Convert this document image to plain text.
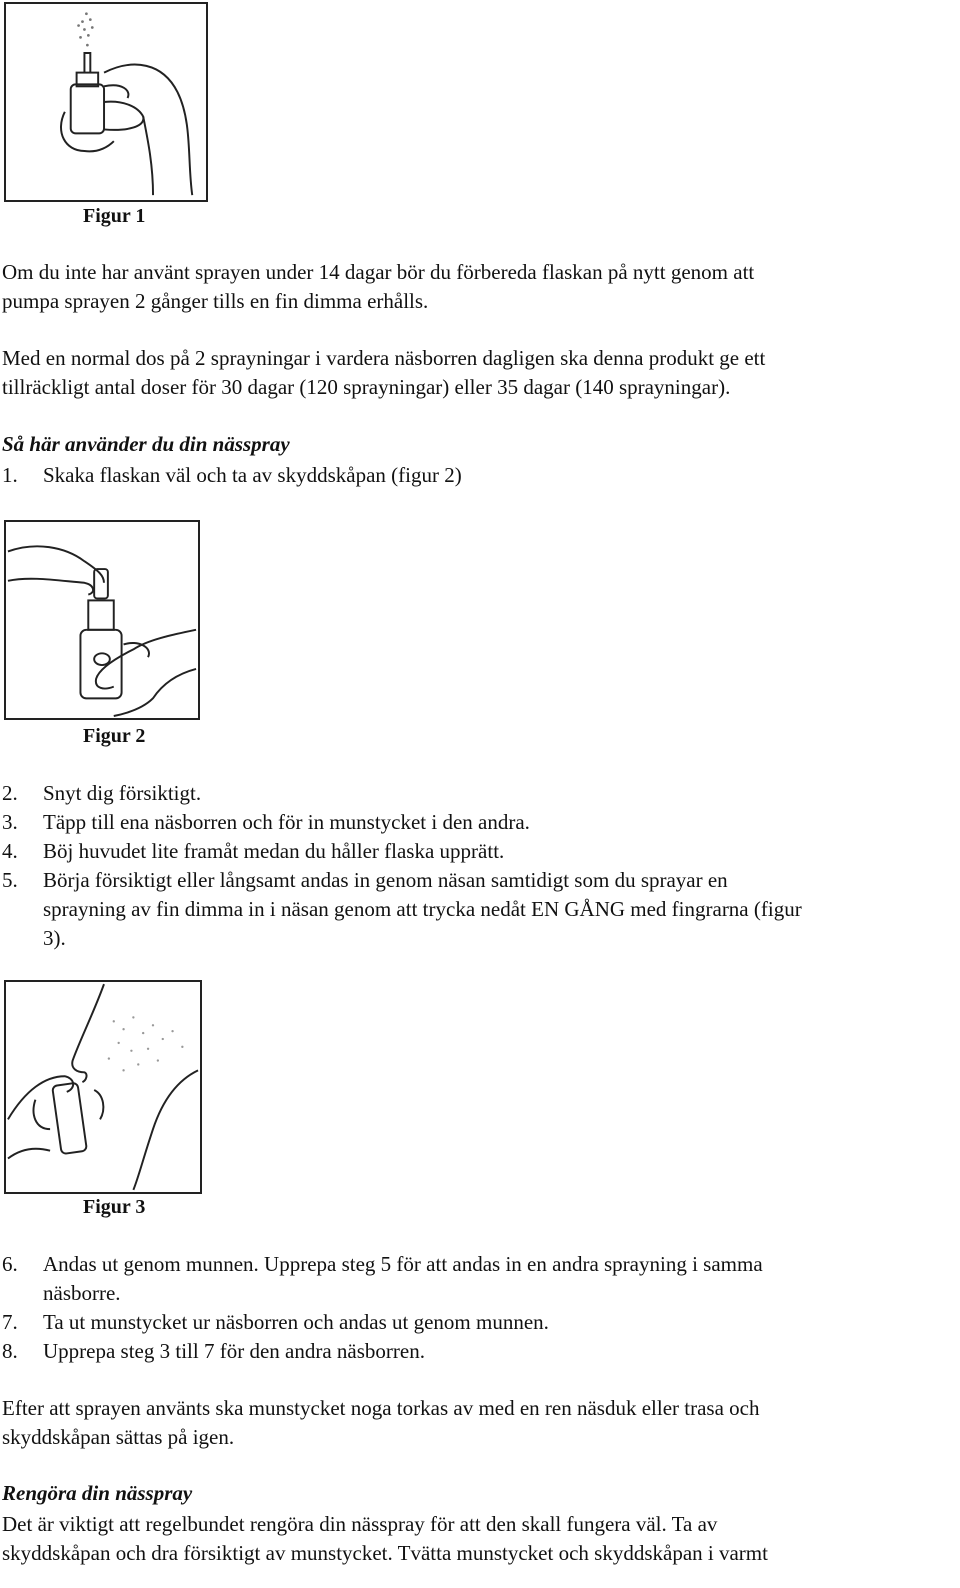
Figur 1
Om du inte har använt sprayen under 14 dagar bör du förbereda flaskan på nytt genom att
pumpa sprayen 2 gånger tills en fin dimma erhålls.
Med en normal dos på 2 sprayningar i vardera näsborren dagligen ska denna produkt ge ett
tillräckligt antal doser för 30 dagar (120 sprayningar) eller 35 dagar (140 sprayningar).
Så här använder du din nässpray
1. Skaka flaskan väl och ta av skyddskåpan (figur 2)
Figur 2
2. Snyt dig försiktigt.
3. Täpp till ena näsborren och för in munstycket i den andra.
4. Böj huvudet lite framåt medan du håller flaska upprätt.
5. Börja försiktigt eller långsamt andas in genom näsan samtidigt som du sprayar en
sprayning av fin dimma in i näsan genom att trycka nedåt EN GÅNG med fingrarna (figur
3).
Figur 3
6. Andas ut genom munnen. Upprepa steg 5 för att andas in en andra sprayning i samma
näsborre.
7. Ta ut munstycket ur näsborren och andas ut genom munnen.
8. Upprepa steg 3 till 7 för den andra näsborren.
Efter att sprayen använts ska munstycket noga torkas av med en ren näsduk eller trasa och
skyddskåpan sättas på igen.
Rengöra din nässpray
Det är viktigt att regelbundet rengöra din nässpray för att den skall fungera väl. Ta av
skyddskåpan och dra försiktigt av munstycket. Tvätta munstycket och skyddskåpan i varmt
